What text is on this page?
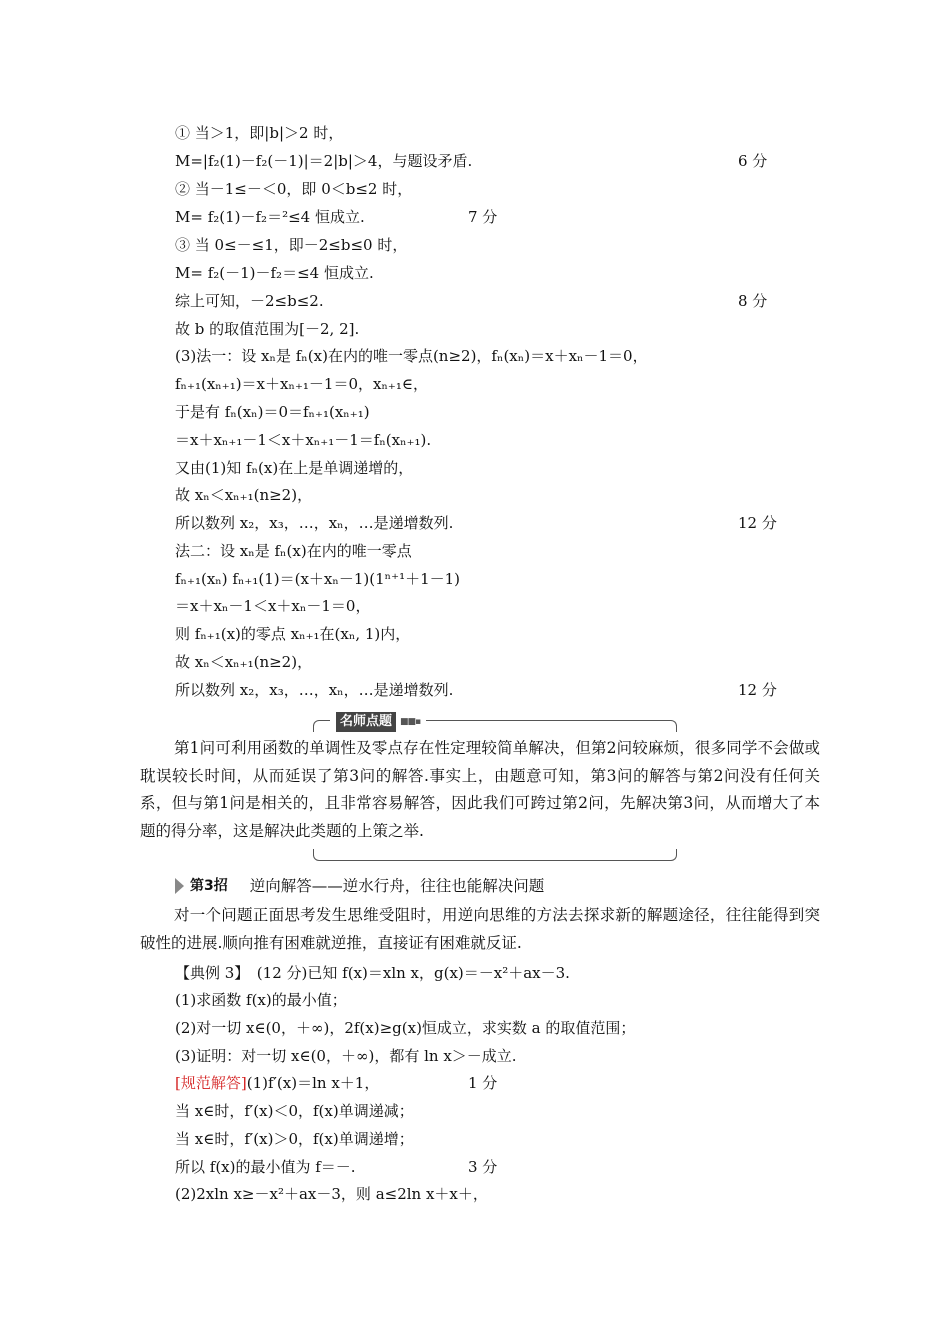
① 当＞1，即|b|＞2 时，
M=|f₂(1)－f₂(－1)|＝2|b|＞4，与题设矛盾.	6 分
② 当－1≤－＜0，即 0＜b≤2 时，
M= f₂(1)－f₂＝²≤4 恒成立.	7 分
③ 当 0≤－≤1，即－2≤b≤0 时，
M= f₂(－1)－f₂＝≤4 恒成立.
综上可知，－2≤b≤2.	8 分
故 b 的取值范围为[－2, 2].
(3)法一：设 xₙ是 fₙ(x)在内的唯一零点(n≥2)，fₙ(xₙ)＝x＋xₙ－1＝0，
fₙ₊₁(xₙ₊₁)＝x＋xₙ₊₁－1＝0，xₙ₊₁∈，
于是有 fₙ(xₙ)＝0＝fₙ₊₁(xₙ₊₁)
＝x＋xₙ₊₁－1＜x＋xₙ₊₁－1＝fₙ(xₙ₊₁).
又由(1)知 fₙ(x)在上是单调递增的，
故 xₙ＜xₙ₊₁(n≥2)，
所以数列 x₂，x₃，…，xₙ，…是递增数列.	12 分
法二：设 xₙ是 fₙ(x)在内的唯一零点
fₙ₊₁(xₙ) fₙ₊₁(1)＝(x＋xₙ－1)(1ⁿ⁺¹＋1－1)
＝x＋xₙ－1＜x＋xₙ－1＝0，
则 fₙ₊₁(x)的零点 xₙ₊₁在(xₙ, 1)内，
故 xₙ＜xₙ₊₁(n≥2)，
所以数列 x₂，x₃，…，xₙ，…是递增数列.	12 分
名师点题 ■■▪
第1问可利用函数的单调性及零点存在性定理较简单解决，但第2问较麻烦，很多同学不会做或耽误较长时间，从而延误了第3问的解答.事实上，由题意可知，第3问的解答与第2问没有任何关系，但与第1问是相关的，且非常容易解答，因此我们可跨过第2问，先解决第3问，从而增大了本题的得分率，这是解决此类题的上策之举.
第3招 逆向解答——逆水行舟，往往也能解决问题
对一个问题正面思考发生思维受阻时，用逆向思维的方法去探求新的解题途径，往往能得到突破性的进展.顺向推有困难就逆推，直接证有困难就反证.
【典例 3】　(12 分)已知 f(x)＝xln x，g(x)＝－x²＋ax－3.
(1)求函数 f(x)的最小值；
(2)对一切 x∈(0，＋∞)，2f(x)≥g(x)恒成立，求实数 a 的取值范围；
(3)证明：对一切 x∈(0，＋∞)，都有 ln x＞－成立.
[规范解答](1)f′(x)＝ln x＋1，	1 分
当 x∈时，f′(x)＜0，f(x)单调递减；
当 x∈时，f′(x)＞0，f(x)单调递增；
所以 f(x)的最小值为 f＝－.	3 分
(2)2xln x≥－x²＋ax－3，则 a≤2ln x＋x＋，
